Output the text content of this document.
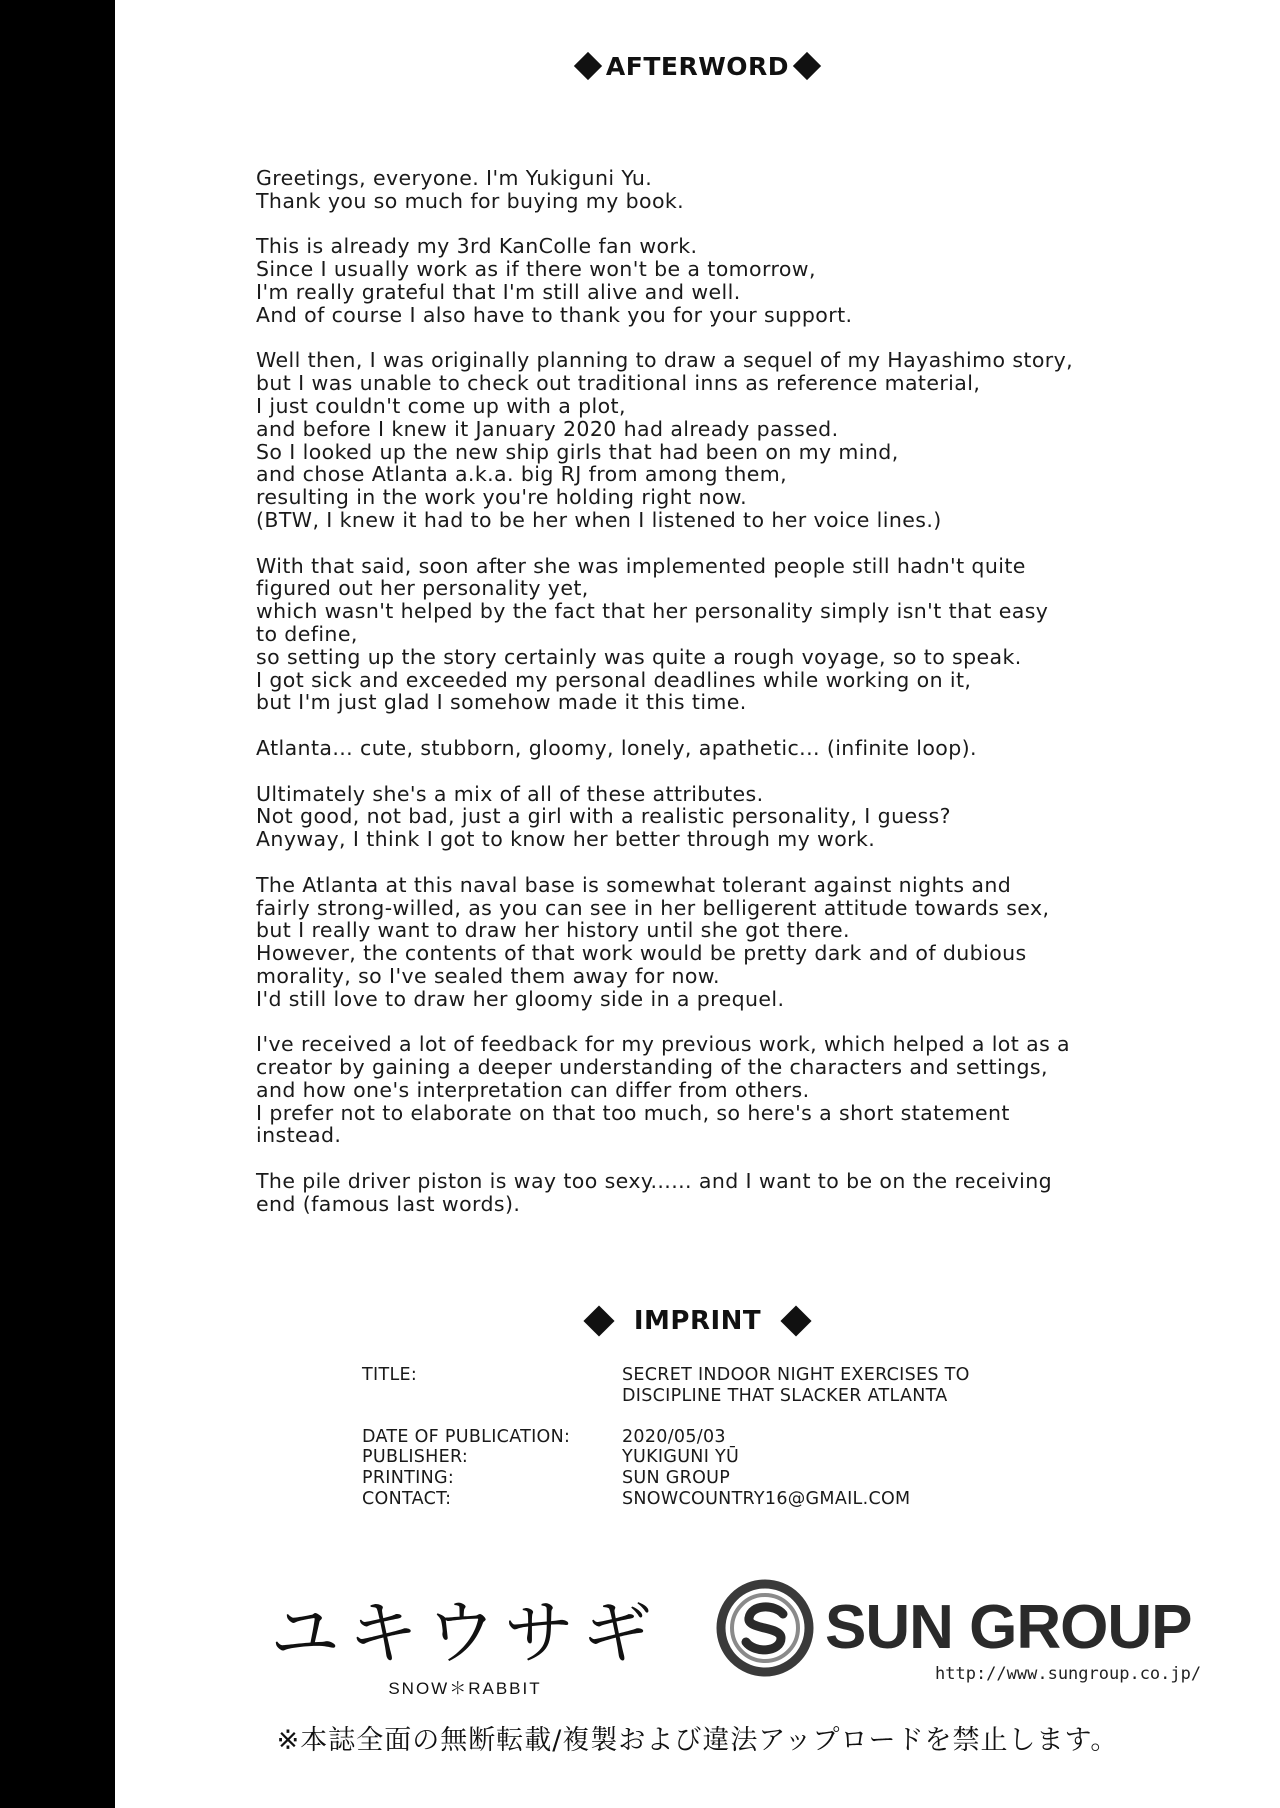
AFTERWORD

Greetings, everyone. I'm Yukiguni Yu.
Thank you so much for buying my book.

This is already my 3rd KanColle fan work.
Since I usually work as if there won't be a tomorrow,
I'm really grateful that I'm still alive and well.
And of course I also have to thank you for your support.

Well then, I was originally planning to draw a sequel of my Hayashimo story,
but I was unable to check out traditional inns as reference material,
I just couldn't come up with a plot,
and before I knew it January 2020 had already passed.
So I looked up the new ship girls that had been on my mind,
and chose Atlanta a.k.a. big RJ from among them,
resulting in the work you're holding right now.
(BTW, I knew it had to be her when I listened to her voice lines.)

With that said, soon after she was implemented people still hadn't quite
figured out her personality yet,
which wasn't helped by the fact that her personality simply isn't that easy
to define,
so setting up the story certainly was quite a rough voyage, so to speak.
I got sick and exceeded my personal deadlines while working on it,
but I'm just glad I somehow made it this time.

Atlanta... cute, stubborn, gloomy, lonely, apathetic... (infinite loop).

Ultimately she's a mix of all of these attributes.
Not good, not bad, just a girl with a realistic personality, I guess?
Anyway, I think I got to know her better through my work.

The Atlanta at this naval base is somewhat tolerant against nights and
fairly strong-willed, as you can see in her belligerent attitude towards sex,
but I really want to draw her history until she got there.
However, the contents of that work would be pretty dark and of dubious
morality, so I've sealed them away for now.
I'd still love to draw her gloomy side in a prequel.

I've received a lot of feedback for my previous work, which helped a lot as a
creator by gaining a deeper understanding of the characters and settings,
and how one's interpretation can differ from others.
I prefer not to elaborate on that too much, so here's a short statement
instead.

The pile driver piston is way too sexy...... and I want to be on the receiving
end (famous last words).

IMPRINT
TITLE:	SECRET INDOOR NIGHT EXERCISES TO
DISCIPLINE THAT SLACKER ATLANTA
DATE OF PUBLICATION:	2020/05/03
PUBLISHER:	YUKIGUNI YŪ
PRINTING:	SUN GROUP
CONTACT:	SNOWCOUNTRY16@GMAIL.COM
ユキウサギ
SNOW＊RABBIT
SUN GROUP
http://www.sungroup.co.jp/
※本誌全面の無断転載/複製および違法アップロードを禁止します。
